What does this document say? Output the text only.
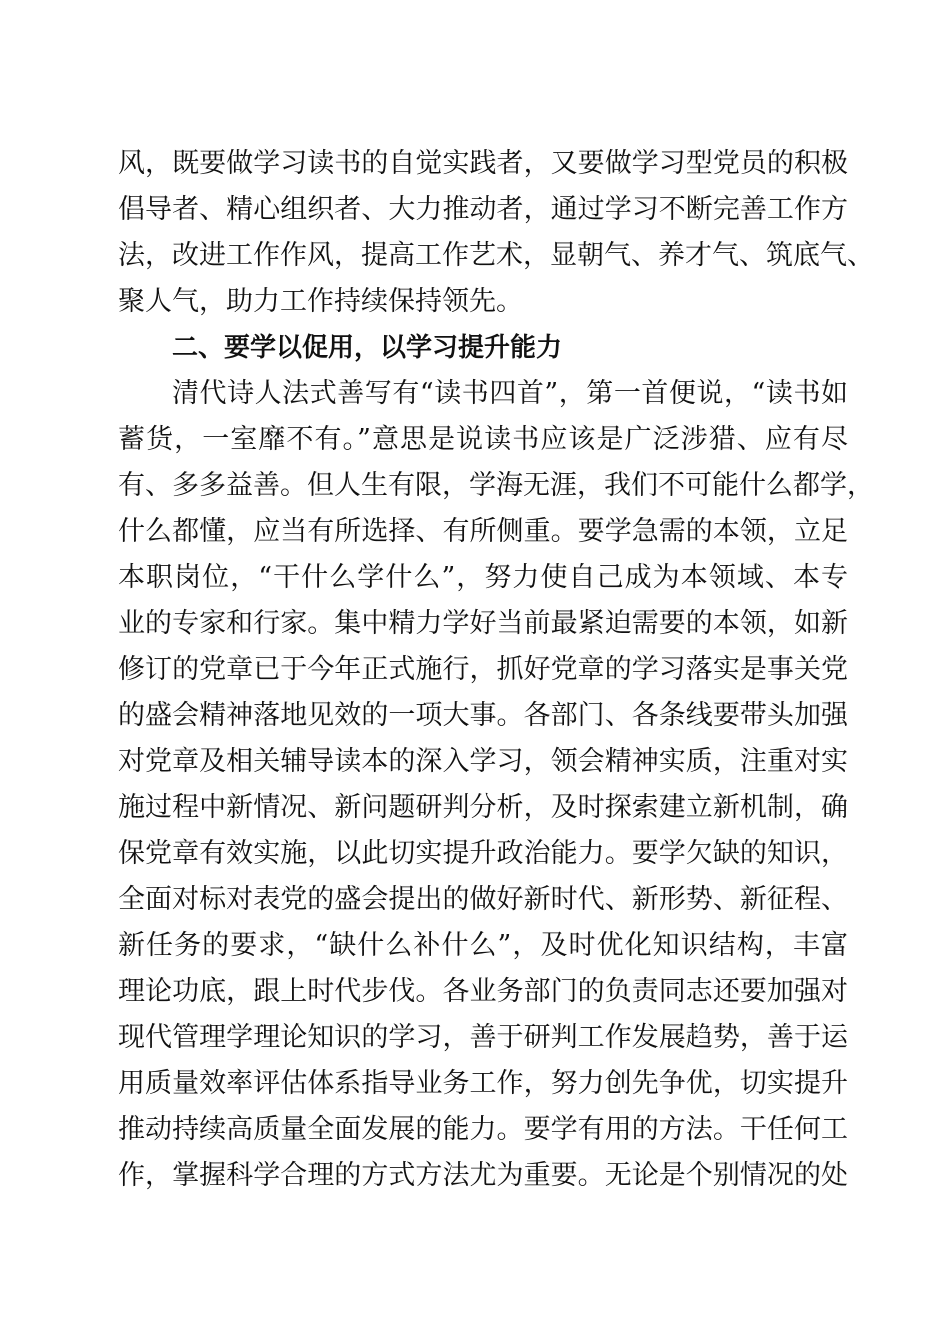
风，既要做学习读书的自觉实践者，又要做学习型党员的积极
倡导者、精心组织者、大力推动者，通过学习不断完善工作方
法，改进工作作风，提高工作艺术，显朝气、养才气、筑底气、
聚人气，助力工作持续保持领先。
二、要学以促用，以学习提升能力
清代诗人法式善写有“读书四首”，第一首便说，“读书如
蓄货，一室靡不有。”意思是说读书应该是广泛涉猎、应有尽
有、多多益善。但人生有限，学海无涯，我们不可能什么都学，
什么都懂，应当有所选择、有所侧重。要学急需的本领，立足
本职岗位，“干什么学什么”，努力使自己成为本领域、本专
业的专家和行家。集中精力学好当前最紧迫需要的本领，如新
修订的党章已于今年正式施行，抓好党章的学习落实是事关党
的盛会精神落地见效的一项大事。各部门、各条线要带头加强
对党章及相关辅导读本的深入学习，领会精神实质，注重对实
施过程中新情况、新问题研判分析，及时探索建立新机制，确
保党章有效实施，以此切实提升政治能力。要学欠缺的知识，
全面对标对表党的盛会提出的做好新时代、新形势、新征程、
新任务的要求，“缺什么补什么”，及时优化知识结构，丰富
理论功底，跟上时代步伐。各业务部门的负责同志还要加强对
现代管理学理论知识的学习，善于研判工作发展趋势，善于运
用质量效率评估体系指导业务工作，努力创先争优，切实提升
推动持续高质量全面发展的能力。要学有用的方法。干任何工
作，掌握科学合理的方式方法尤为重要。无论是个别情况的处
